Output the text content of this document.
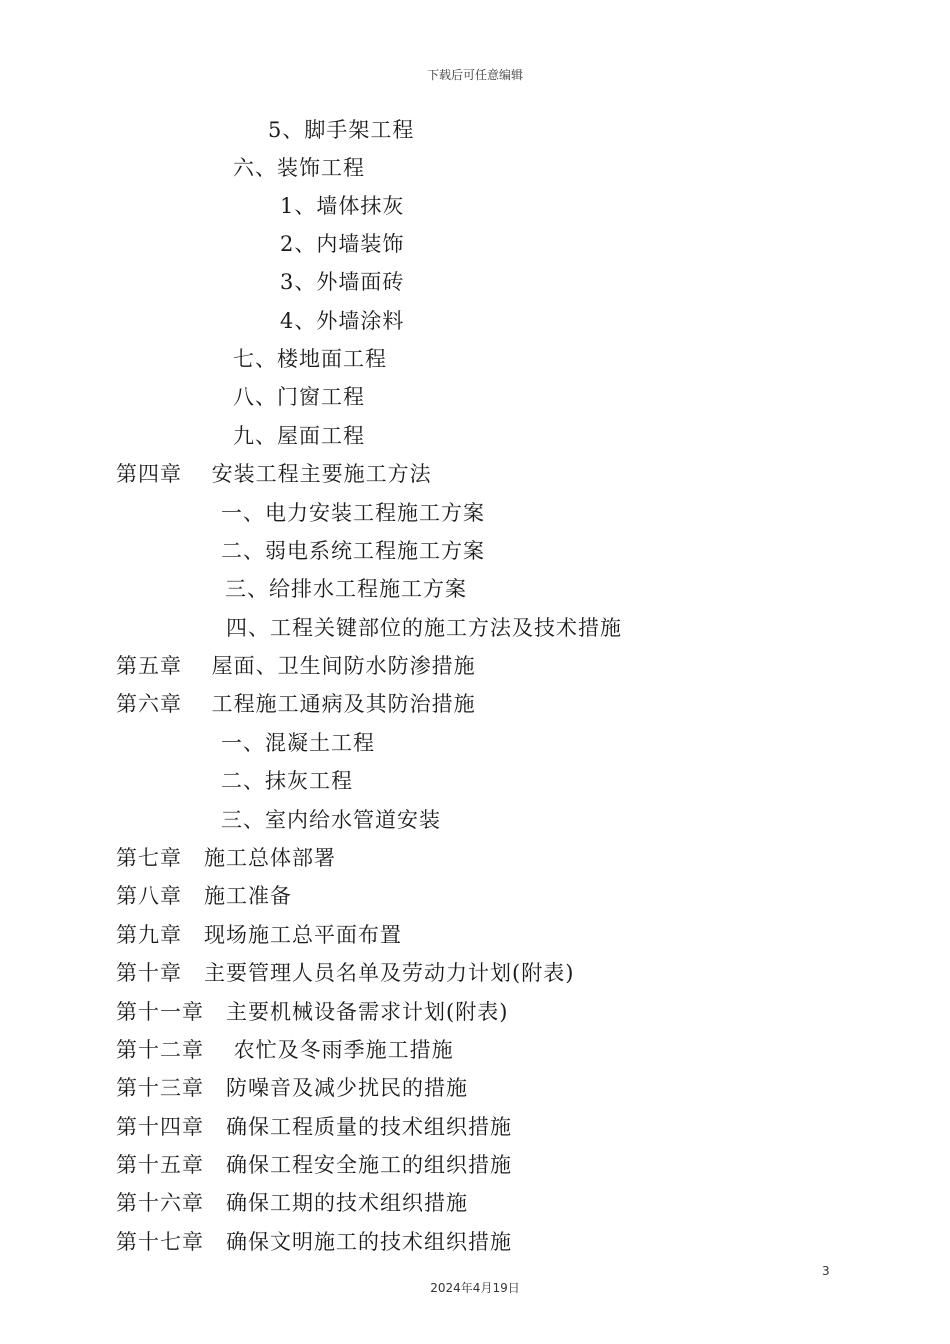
下载后可任意编辑
5、脚手架工程
六、装饰工程
1、墙体抹灰
2、内墙装饰
3、外墙面砖
4、外墙涂料
七、楼地面工程
八、门窗工程
九、屋面工程
第四章　 安装工程主要施工方法
一、电力安装工程施工方案
二、弱电系统工程施工方案
三、给排水工程施工方案
四、工程关键部位的施工方法及技术措施
第五章　 屋面、卫生间防水防渗措施
第六章　 工程施工通病及其防治措施
一、混凝土工程
二、抹灰工程
三、室内给水管道安装
第七章　施工总体部署
第八章　施工准备
第九章　现场施工总平面布置
第十章　主要管理人员名单及劳动力计划(附表)
第十一章　主要机械设备需求计划(附表)
第十二章　 农忙及冬雨季施工措施
第十三章　防噪音及减少扰民的措施
第十四章　确保工程质量的技术组织措施
第十五章　确保工程安全施工的组织措施
第十六章　确保工期的技术组织措施
第十七章　确保文明施工的技术组织措施
3
2024年4月19日
